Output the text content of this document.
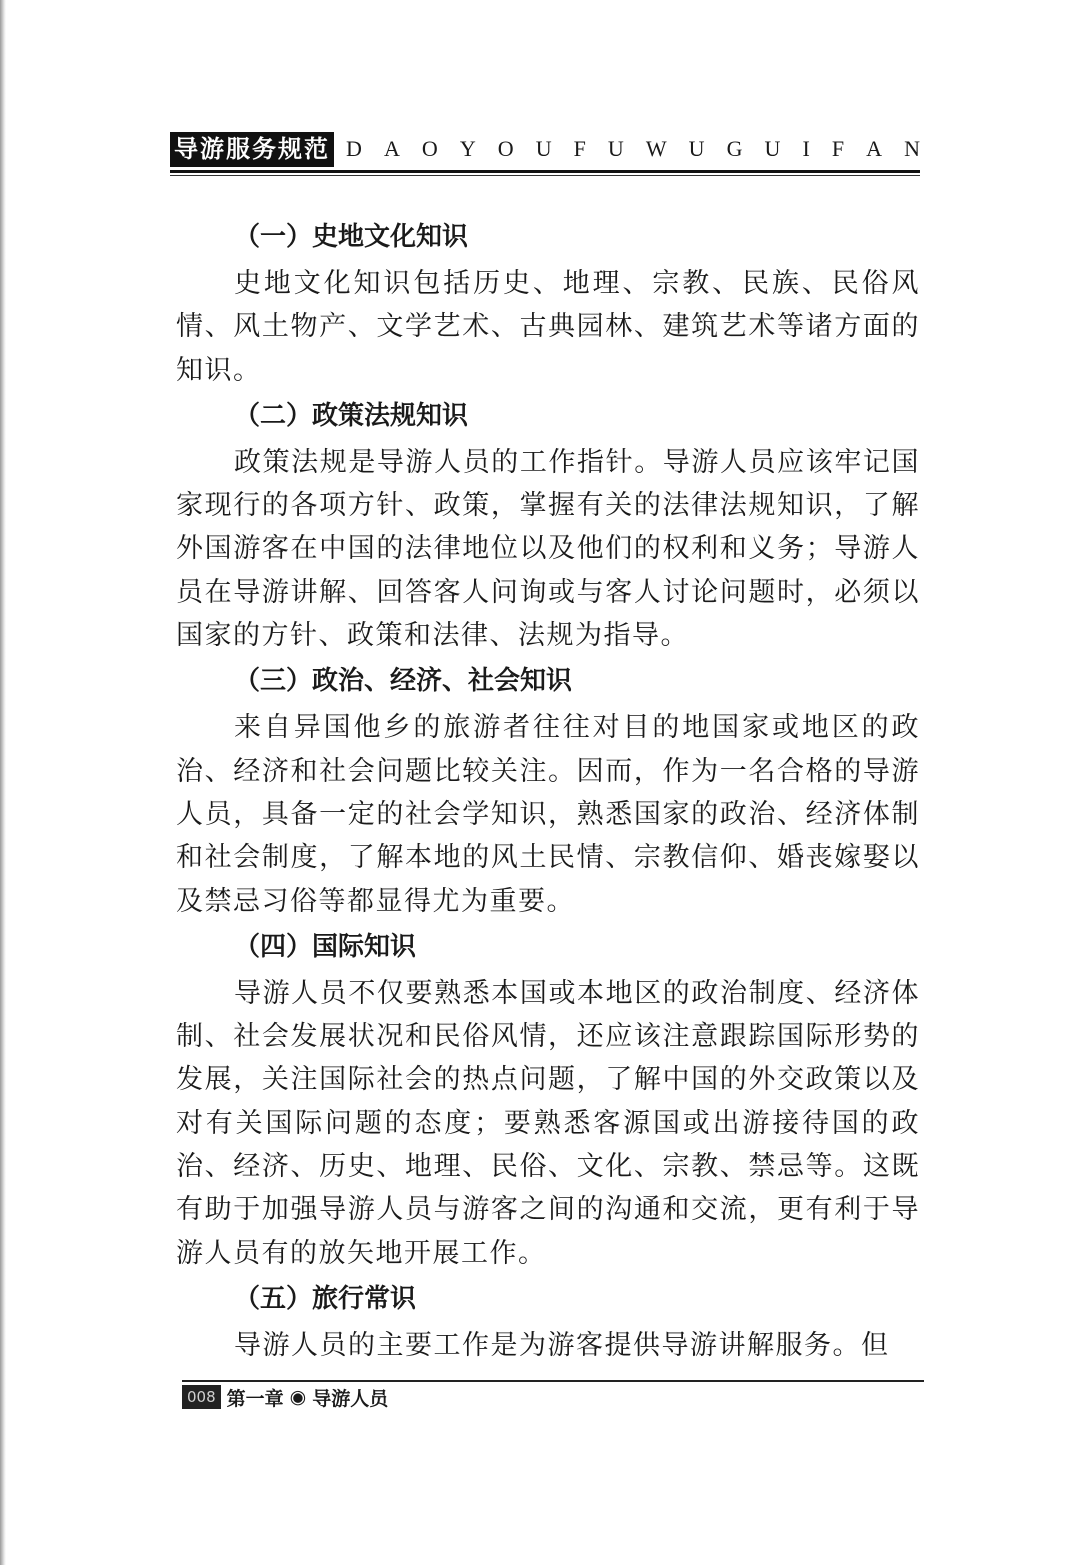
导游服务规范 D A O Y O U F U W U G U I F A N
（一）史地文化知识

史地文化知识包括历史、地理、宗教、民族、民俗风情、风土物产、文学艺术、古典园林、建筑艺术等诸方面的知识。

（二）政策法规知识

政策法规是导游人员的工作指针。导游人员应该牢记国家现行的各项方针、政策，掌握有关的法律法规知识，了解外国游客在中国的法律地位以及他们的权利和义务；导游人员在导游讲解、回答客人问询或与客人讨论问题时，必须以国家的方针、政策和法律、法规为指导。

（三）政治、经济、社会知识

来自异国他乡的旅游者往往对目的地国家或地区的政治、经济和社会问题比较关注。因而，作为一名合格的导游人员，具备一定的社会学知识，熟悉国家的政治、经济体制和社会制度，了解本地的风土民情、宗教信仰、婚丧嫁娶以及禁忌习俗等都显得尤为重要。

（四）国际知识

导游人员不仅要熟悉本国或本地区的政治制度、经济体制、社会发展状况和民俗风情，还应该注意跟踪国际形势的发展，关注国际社会的热点问题，了解中国的外交政策以及对有关国际问题的态度；要熟悉客源国或出游接待国的政治、经济、历史、地理、民俗、文化、宗教、禁忌等。这既有助于加强导游人员与游客之间的沟通和交流，更有利于导游人员有的放矢地开展工作。

（五）旅行常识

导游人员的主要工作是为游客提供导游讲解服务。但

008 第一章 ◉ 导游人员
